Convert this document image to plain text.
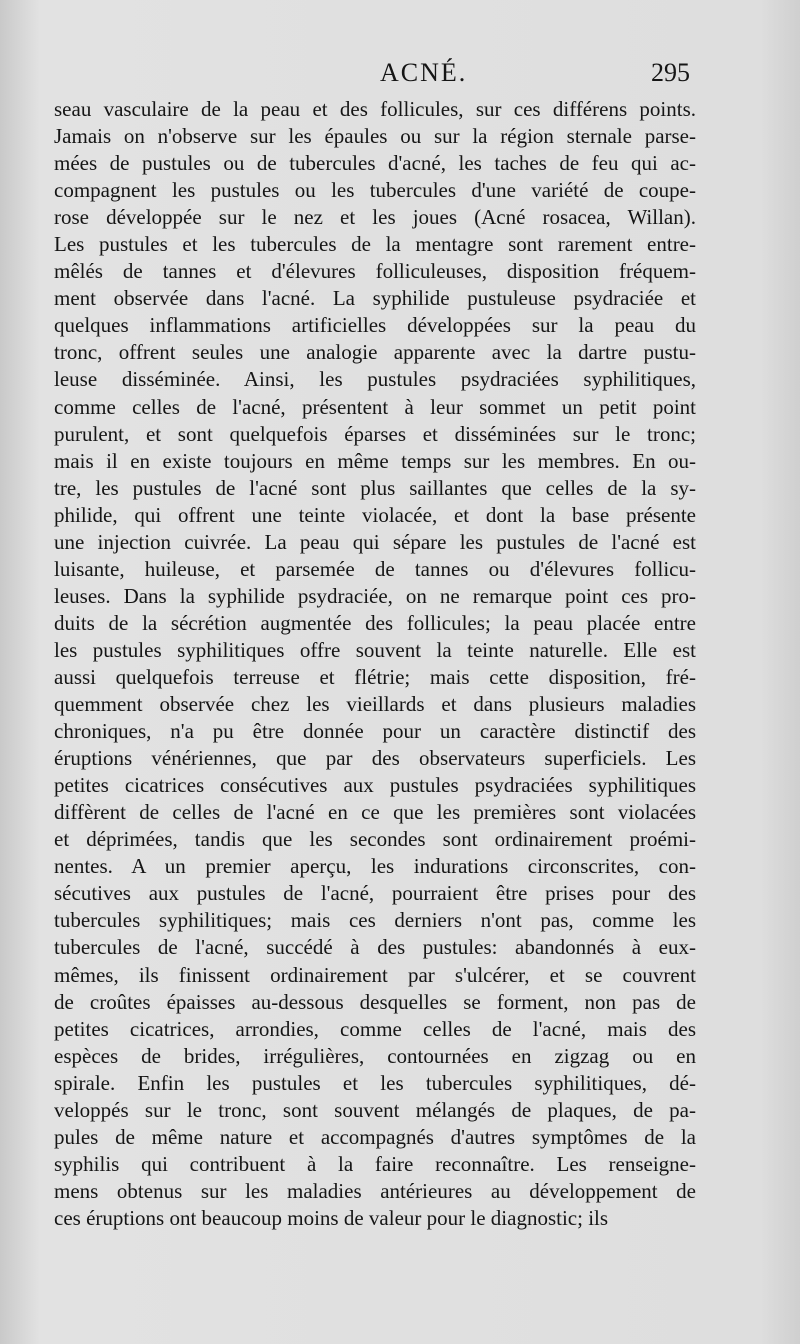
ACNÉ.	295
seau vasculaire de la peau et des follicules, sur ces différens points.
Jamais on n'observe sur les épaules ou sur la région sternale parse-
mées de pustules ou de tubercules d'acné, les taches de feu qui ac-
compagnent les pustules ou les tubercules d'une variété de coupe-
rose développée sur le nez et les joues (Acné rosacea, Willan).
Les pustules et les tubercules de la mentagre sont rarement entre-
mêlés de tannes et d'élevures folliculeuses, disposition fréquem-
ment observée dans l'acné. La syphilide pustuleuse psydraciée et
quelques inflammations artificielles développées sur la peau du
tronc, offrent seules une analogie apparente avec la dartre pustu-
leuse disséminée. Ainsi, les pustules psydraciées syphilitiques,
comme celles de l'acné, présentent à leur sommet un petit point
purulent, et sont quelquefois éparses et disséminées sur le tronc;
mais il en existe toujours en même temps sur les membres. En ou-
tre, les pustules de l'acné sont plus saillantes que celles de la sy-
philide, qui offrent une teinte violacée, et dont la base présente
une injection cuivrée. La peau qui sépare les pustules de l'acné est
luisante, huileuse, et parsemée de tannes ou d'élevures follicu-
leuses. Dans la syphilide psydraciée, on ne remarque point ces pro-
duits de la sécrétion augmentée des follicules; la peau placée entre
les pustules syphilitiques offre souvent la teinte naturelle. Elle est
aussi quelquefois terreuse et flétrie; mais cette disposition, fré-
quemment observée chez les vieillards et dans plusieurs maladies
chroniques, n'a pu être donnée pour un caractère distinctif des
éruptions vénériennes, que par des observateurs superficiels. Les
petites cicatrices consécutives aux pustules psydraciées syphilitiques
diffèrent de celles de l'acné en ce que les premières sont violacées
et déprimées, tandis que les secondes sont ordinairement proémi-
nentes. A un premier aperçu, les indurations circonscrites, con-
sécutives aux pustules de l'acné, pourraient être prises pour des
tubercules syphilitiques; mais ces derniers n'ont pas, comme les
tubercules de l'acné, succédé à des pustules: abandonnés à eux-
mêmes, ils finissent ordinairement par s'ulcérer, et se couvrent
de croûtes épaisses au-dessous desquelles se forment, non pas de
petites cicatrices, arrondies, comme celles de l'acné, mais des
espèces de brides, irrégulières, contournées en zigzag ou en
spirale. Enfin les pustules et les tubercules syphilitiques, dé-
veloppés sur le tronc, sont souvent mélangés de plaques, de pa-
pules de même nature et accompagnés d'autres symptômes de la
syphilis qui contribuent à la faire reconnaître. Les renseigne-
mens obtenus sur les maladies antérieures au développement de
ces éruptions ont beaucoup moins de valeur pour le diagnostic; ils
